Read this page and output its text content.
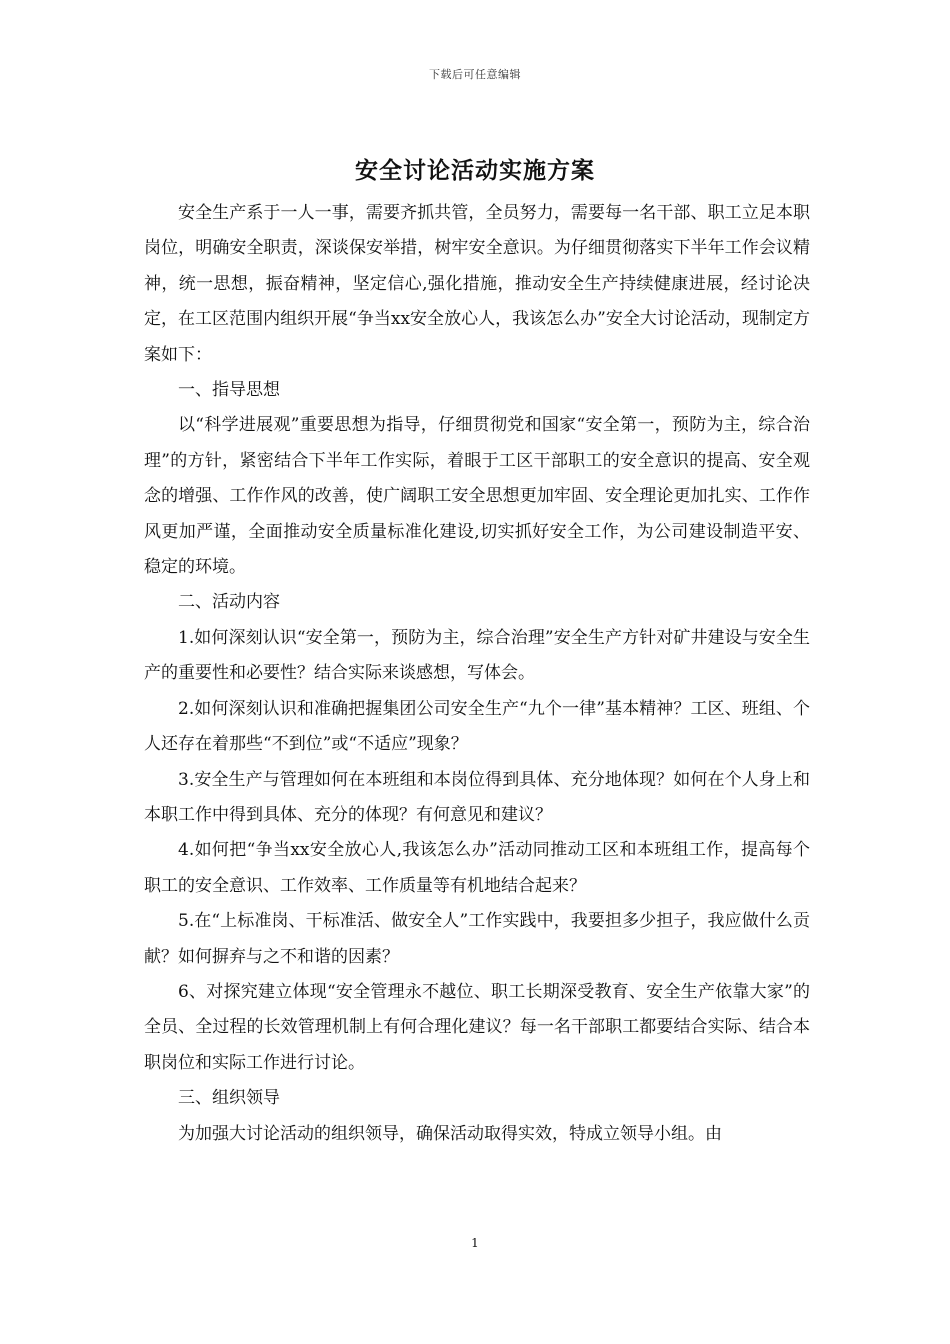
下载后可任意编辑
安全讨论活动实施方案

安全生产系于一人一事，需要齐抓共管，全员努力，需要每一名干部、职工立足本职岗位，明确安全职责，深谈保安举措，树牢安全意识。为仔细贯彻落实下半年工作会议精神，统一思想，振奋精神，坚定信心,强化措施，推动安全生产持续健康进展，经讨论决定，在工区范围内组织开展“争当xx安全放心人，我该怎么办”安全大讨论活动，现制定方案如下：

一、指导思想

以“科学进展观”重要思想为指导，仔细贯彻党和国家“安全第一，预防为主，综合治理”的方针，紧密结合下半年工作实际，着眼于工区干部职工的安全意识的提高、安全观念的增强、工作作风的改善，使广阔职工安全思想更加牢固、安全理论更加扎实、工作作风更加严谨，全面推动安全质量标准化建设,切实抓好安全工作，为公司建设制造平安、稳定的环境。

二、活动内容

1.如何深刻认识“安全第一，预防为主，综合治理”安全生产方针对矿井建设与安全生产的重要性和必要性？结合实际来谈感想，写体会。

2.如何深刻认识和准确把握集团公司安全生产“九个一律”基本精神？工区、班组、个人还存在着那些“不到位”或“不适应”现象？

3.安全生产与管理如何在本班组和本岗位得到具体、充分地体现？如何在个人身上和本职工作中得到具体、充分的体现？有何意见和建议？

4.如何把“争当xx安全放心人,我该怎么办”活动同推动工区和本班组工作，提高每个职工的安全意识、工作效率、工作质量等有机地结合起来？

5.在“上标准岗、干标准活、做安全人”工作实践中，我要担多少担子，我应做什么贡献？如何摒弃与之不和谐的因素？

6、对探究建立体现“安全管理永不越位、职工长期深受教育、安全生产依靠大家”的全员、全过程的长效管理机制上有何合理化建议？每一名干部职工都要结合实际、结合本职岗位和实际工作进行讨论。

三、组织领导

为加强大讨论活动的组织领导，确保活动取得实效，特成立领导小组。由

1
